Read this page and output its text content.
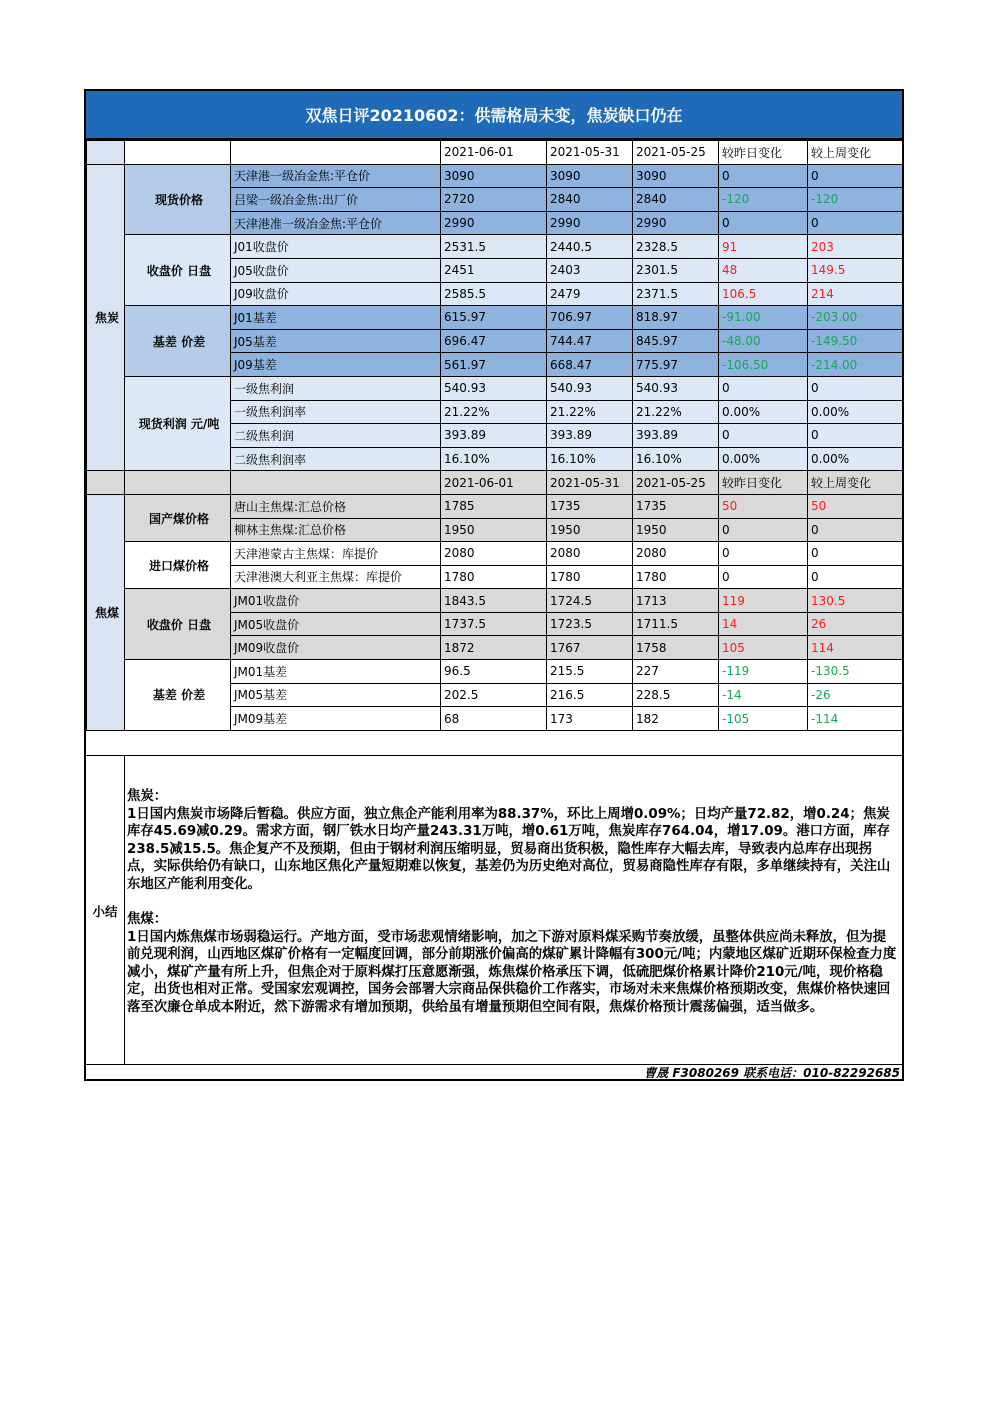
双焦日评20210602：供需格局未变，焦炭缺口仍在
			2021-06-01	2021-05-31	2021-05-25	较昨日变化	较上周变化
焦炭	现货价格	天津港一级冶金焦:平仓价	3090	3090	3090	0	0
		吕梁一级冶金焦:出厂价	2720	2840	2840	-120	-120
		天津港准一级冶金焦:平仓价	2990	2990	2990	0	0
	收盘价 日盘	J01收盘价	2531.5	2440.5	2328.5	91	203
		J05收盘价	2451	2403	2301.5	48	149.5
		J09收盘价	2585.5	2479	2371.5	106.5	214
	基差 价差	J01基差	615.97	706.97	818.97	-91.00	-203.00
		J05基差	696.47	744.47	845.97	-48.00	-149.50
		J09基差	561.97	668.47	775.97	-106.50	-214.00
	现货利润 元/吨	一级焦利润	540.93	540.93	540.93	0	0
		一级焦利润率	21.22%	21.22%	21.22%	0.00%	0.00%
		二级焦利润	393.89	393.89	393.89	0	0
		二级焦利润率	16.10%	16.10%	16.10%	0.00%	0.00%
			2021-06-01	2021-05-31	2021-05-25	较昨日变化	较上周变化
焦煤	国产煤价格	唐山主焦煤:汇总价格	1785	1735	1735	50	50
		柳林主焦煤:汇总价格	1950	1950	1950	0	0
	进口煤价格	天津港蒙古主焦煤：库提价	2080	2080	2080	0	0
		天津港澳大利亚主焦煤：库提价	1780	1780	1780	0	0
	收盘价 日盘	JM01收盘价	1843.5	1724.5	1713	119	130.5
		JM05收盘价	1737.5	1723.5	1711.5	14	26
		JM09收盘价	1872	1767	1758	105	114
	基差 价差	JM01基差	96.5	215.5	227	-119	-130.5
		JM05基差	202.5	216.5	228.5	-14	-26
		JM09基差	68	173	182	-105	-114
小结

焦炭：

1日国内焦炭市场降后暂稳。供应方面，独立焦企产能利用率为88.37%，环比上周增0.09%；日均产量72.82，增0.24；焦炭库存45.69减0.29。需求方面，钢厂铁水日均产量243.31万吨，增0.61万吨，焦炭库存764.04，增17.09。港口方面，库存238.5减15.5。焦企复产不及预期，但由于钢材利润压缩明显，贸易商出货积极，隐性库存大幅去库，导致表内总库存出现拐点，实际供给仍有缺口，山东地区焦化产量短期难以恢复，基差仍为历史绝对高位，贸易商隐性库存有限，多单继续持有，关注山东地区产能利用变化。

焦煤：

1日国内炼焦煤市场弱稳运行。产地方面，受市场悲观情绪影响，加之下游对原料煤采购节奏放缓，虽整体供应尚未释放，但为提前兑现利润，山西地区煤矿价格有一定幅度回调，部分前期涨价偏高的煤矿累计降幅有300元/吨；内蒙地区煤矿近期环保检查力度减小，煤矿产量有所上升，但焦企对于原料煤打压意愿渐强，炼焦煤价格承压下调，低硫肥煤价格累计降价210元/吨，现价格稳定，出货也相对正常。受国家宏观调控，国务会部署大宗商品保供稳价工作落实，市场对未来焦煤价格预期改变，焦煤价格快速回落至次廉仓单成本附近，然下游需求有增加预期，供给虽有增量预期但空间有限，焦煤价格预计震荡偏强，适当做多。

曹晟 F3080269 联系电话：010-82292685
